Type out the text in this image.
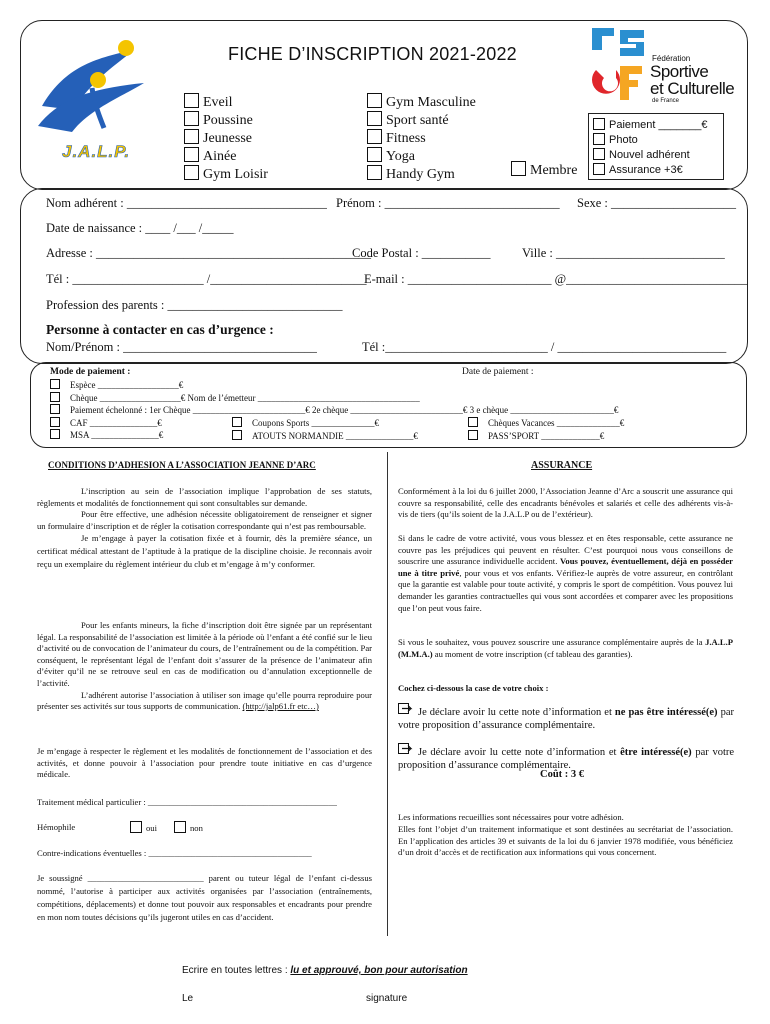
J.A.L.P.
FICHE D’INSCRIPTION 2021-2022
Eveil
Poussine
Jeunesse
Ainée
Gym Loisir
Gym Masculine
Sport santé
Fitness
Yoga
Handy Gym	Membre
Fédération
Sportive
et Culturelle
de France
Paiement _______€
Photo
Nouvel adhérent
Assurance +3€
Nom adhérent : ________________________________ Prénom : ____________________________ Sexe : ____________________
Date de naissance : ____ /___ /_____
Adresse : ____________________________________________
Code Postal : ___________	Ville : ___________________________
Tél : _____________________ /_________________________
E-mail : _______________________ @_____________________________
Profession des parents : ____________________________
Personne à contacter en cas d’urgence :
Nom/Prénom : _______________________________	Tél :__________________________ / ___________________________
Mode de paiement :	Date de paiement :
Espèce __________________€
Chèque __________________€ Nom de l’émetteur ____________________________________
Paiement échelonné : 1er Chèque _________________________€ 2e chèque _________________________€ 3 e chèque _______________________€
CAF _______________€
MSA _______________€
Coupons Sports ______________€
ATOUTS NORMANDIE _______________€
Chèques Vacances ______________€
PASS’SPORT _____________€
CONDITIONS D’ADHESION A L’ASSOCIATION JEANNE D’ARC
L’inscription au sein de l’association implique l’approbation de ses statuts, règlements et modalités de fonctionnement qui sont consultables sur demande.
Pour être effective, une adhésion nécessite obligatoirement de renseigner et signer un formulaire d’inscription et de régler la cotisation correspondante qui n’est pas remboursable.
Je m’engage à payer la cotisation fixée et à fournir, dès la première séance, un certificat médical attestant de l’aptitude à la pratique de la discipline choisie. Je reconnais avoir reçu un exemplaire du règlement intérieur du club et m’engage à m’y conformer.
Pour les enfants mineurs, la fiche d’inscription doit être signée par un représentant légal. La responsabilité de l’association est limitée à la période où l’enfant a été confié sur le lieu d’activité ou de convocation de l’animateur du cours, de l’entraînement ou de la compétition. Par conséquent, le représentant légal de l’enfant doit s’assurer de la présence de l’animateur afin d’éviter qu’il ne se retrouve seul en cas de modification ou d’annulation exceptionnelle de l’activité.
L’adhérent autorise l’association à utiliser son image qu’elle pourra reproduire pour présenter ses activités sur tous supports de communication. (http://jalp61.fr etc…)
Je m’engage à respecter le règlement et les modalités de fonctionnement de l’association et des activités, et donne pouvoir à l’association pour prendre toute initiative en cas d’urgence médicale.
Traitement médical particulier : ____________________________________________
Hémophile	oui	non
Contre-indications éventuelles : ______________________________________
Je soussigné ___________________________ parent ou tuteur légal de l’enfant ci-dessus nommé, l’autorise à participer aux activités organisées par l’association (entraînements, compétitions, déplacements) et donne tout pouvoir aux responsables et encadrants pour prendre en mon nom toutes décisions qu’ils jugeront utiles en cas d’accident.
ASSURANCE
Conformément à la loi du 6 juillet 2000, l’Association Jeanne d’Arc a souscrit une assurance qui couvre sa responsabilité, celle des encadrants bénévoles et salariés et celle des adhérents vis-à-vis de tiers (qu’ils soient de la J.A.L.P ou de l’extérieur).
Si dans le cadre de votre activité, vous vous blessez et en êtes responsable, cette assurance ne couvre pas les préjudices qui peuvent en résulter. C’est pourquoi nous vous conseillons de souscrire une assurance individuelle accident. Vous pouvez, éventuellement, déjà en posséder une à titre privé, pour vous et vos enfants. Vérifiez-le auprès de votre assureur, en contrôlant que la garantie est valable pour toute activité, y compris le sport de compétition. Vous pouvez lui demander les garanties contractuelles qui vous sont accordées et comparer avec les propositions que l’on peut vous faire.
Si vous le souhaitez, vous pouvez souscrire une assurance complémentaire auprès de la J.A.L.P (M.M.A.) au moment de votre inscription (cf tableau des garanties).
Cochez ci-dessous la case de votre choix :
Je déclare avoir lu cette note d’information et ne pas être intéressé(e) par votre proposition d’assurance complémentaire.
Je déclare avoir lu cette note d’information et être intéressé(e) par votre proposition d’assurance complémentaire.
Coût : 3 €
Les informations recueillies sont nécessaires pour votre adhésion.
Elles font l’objet d’un traitement informatique et sont destinées au secrétariat de l’association. En l’application des articles 39 et suivants de la loi du 6 janvier 1978 modifiée, vous bénéficiez d’un droit d’accès et de rectification aux informations qui vous concernent.
Ecrire en toutes lettres : lu et approuvé, bon pour autorisation
Le	signature
